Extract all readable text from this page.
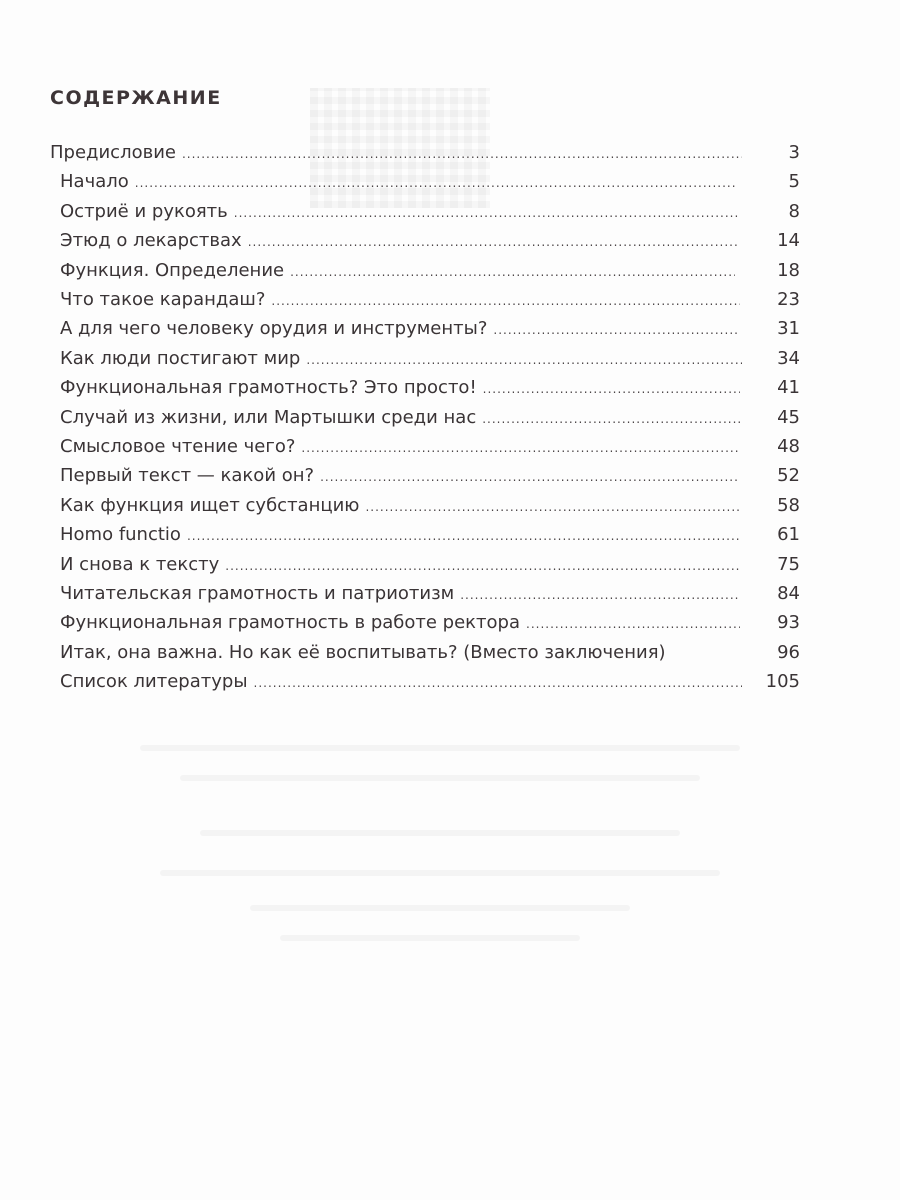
СОДЕРЖАНИЕ
Предисловие .....	3
Начало .....	5
Остриё и рукоять .....	8
Этюд о лекарствах .....	14
Функция. Определение .....	18
Что такое карандаш? .....	23
А для чего человеку орудия и инструменты? .....	31
Как люди постигают мир .....	34
Функциональная грамотность? Это просто! .....	41
Случай из жизни, или Мартышки среди нас .....	45
Смысловое чтение чего? .....	48
Первый текст — какой он? .....	52
Как функция ищет субстанцию .....	58
Homo functio .....	61
И снова к тексту .....	75
Читательская грамотность и патриотизм .....	84
Функциональная грамотность в работе ректора .....	93
Итак, она важна. Но как её воспитывать? (Вместо заключения)	96
Список литературы .....	105
